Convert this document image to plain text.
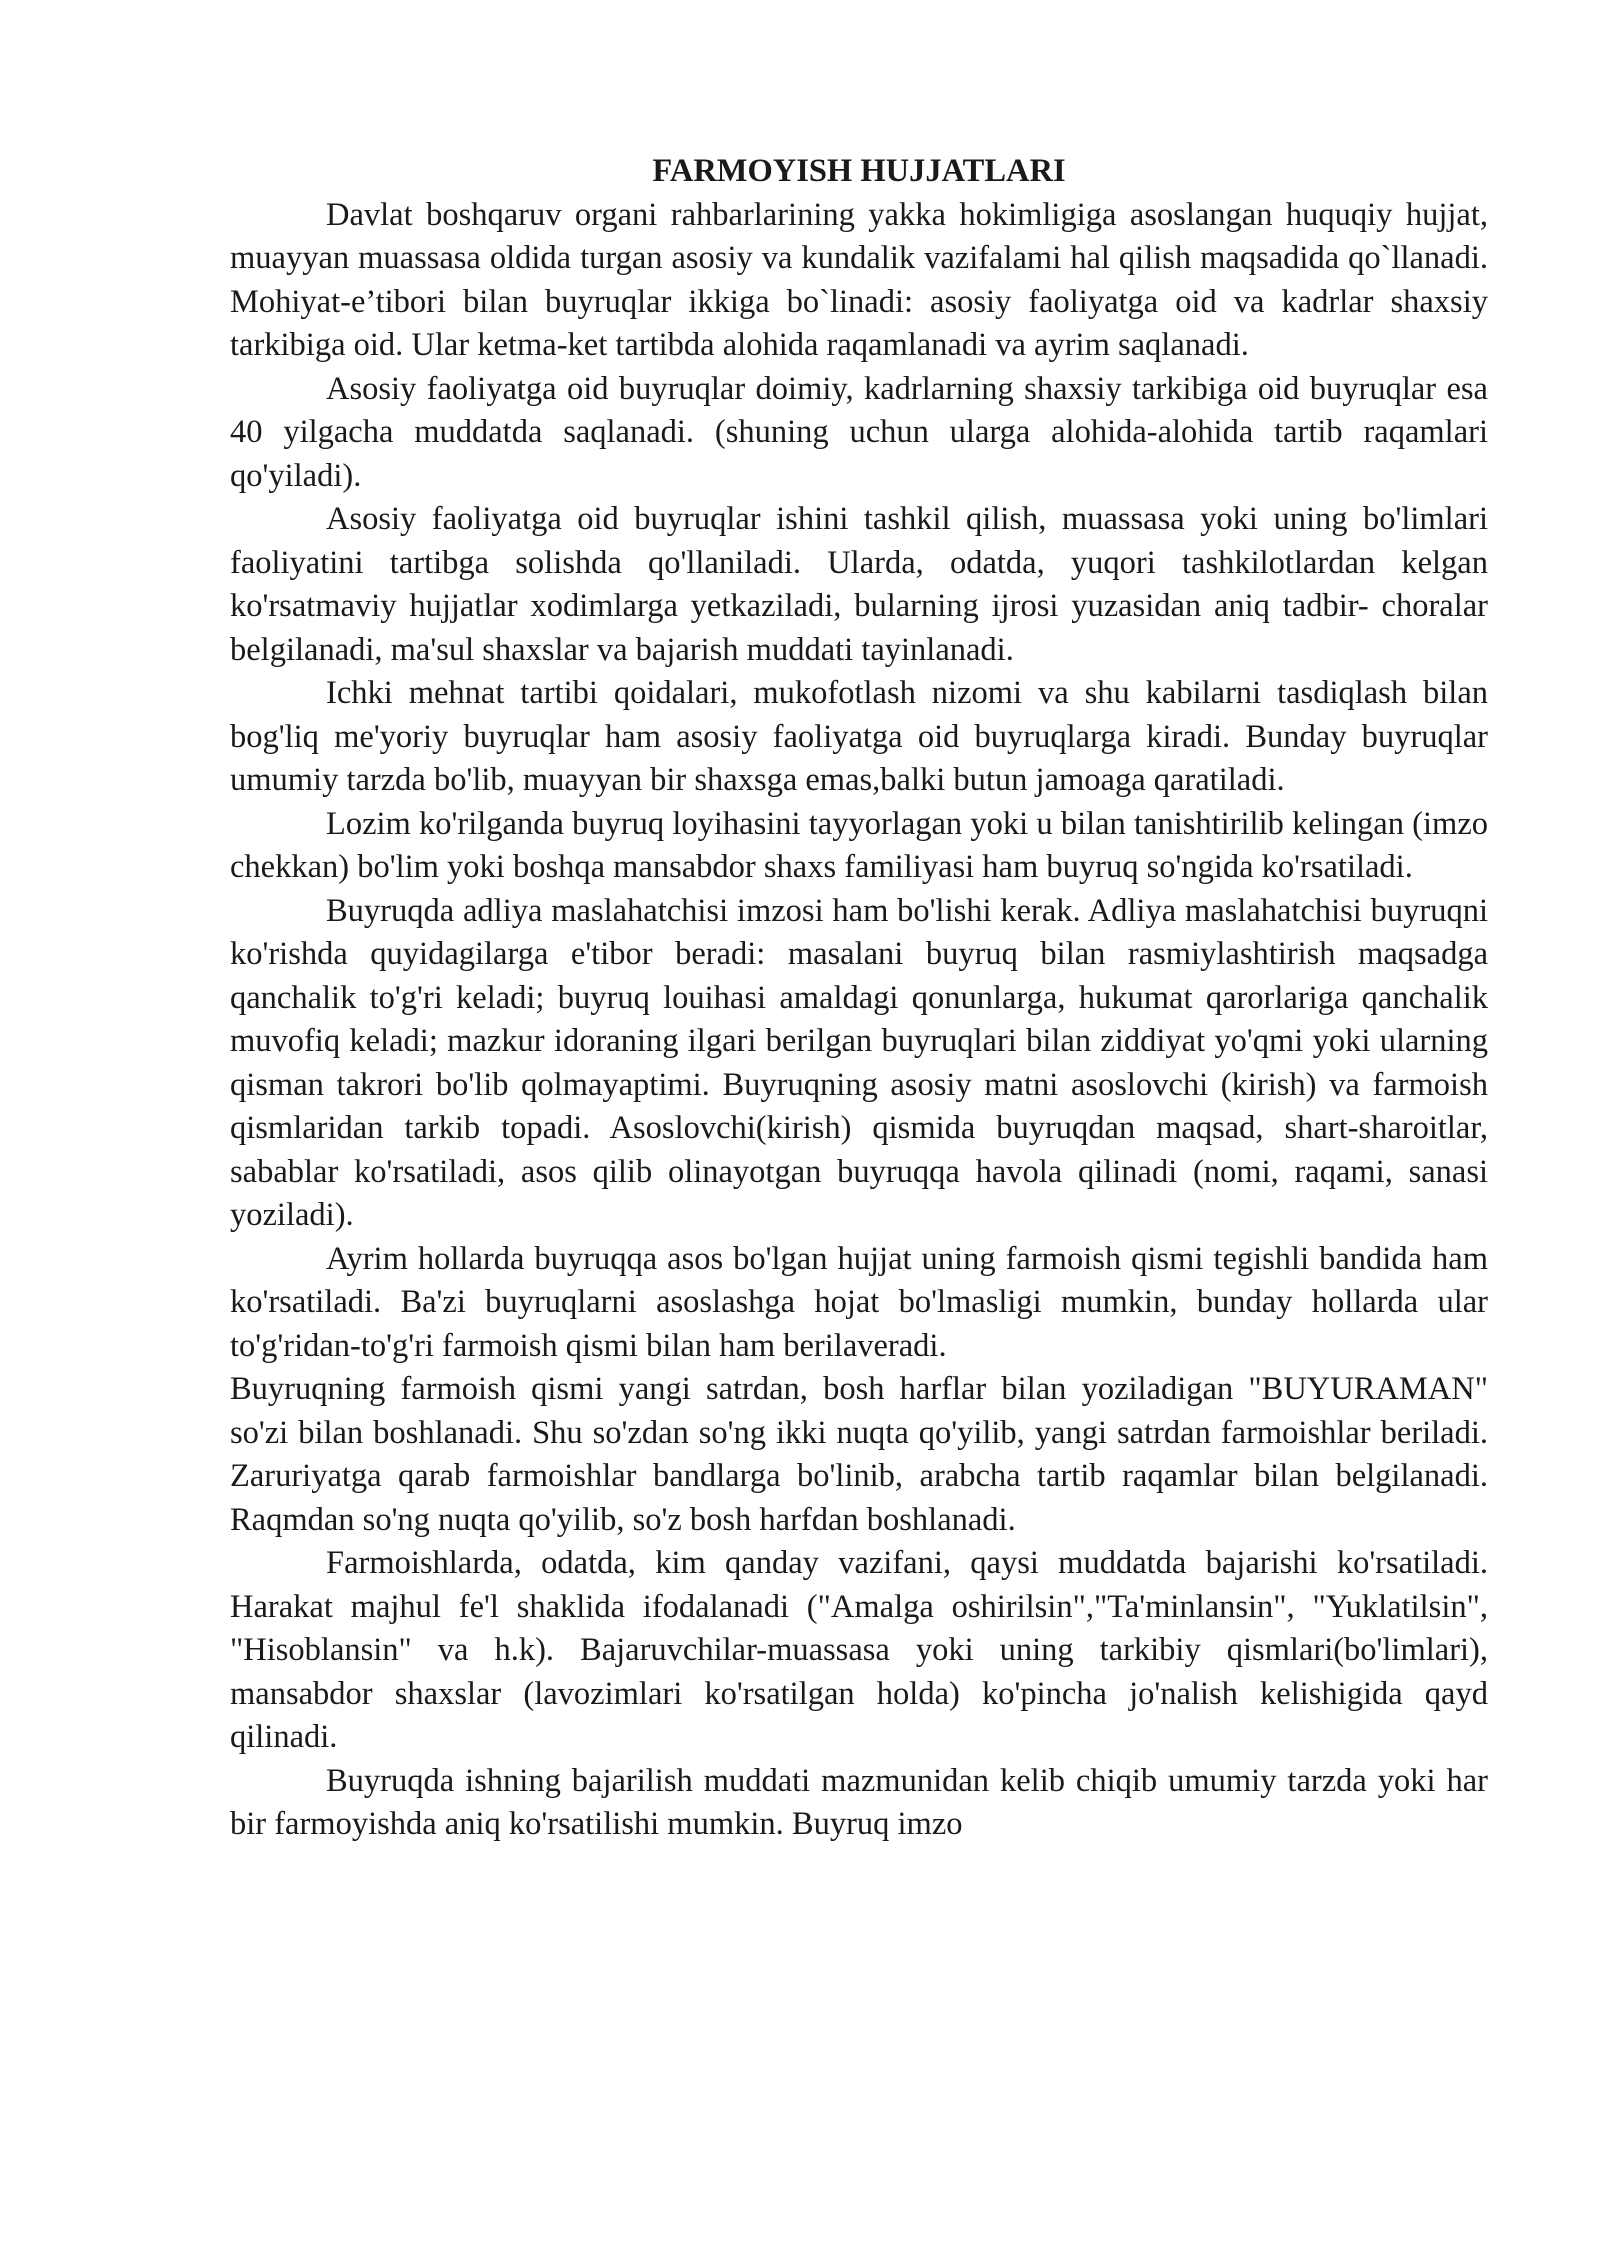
FARMOYISH HUJJATLARI

Davlat boshqaruv organi rahbarlarining yakka hokimligiga asoslangan huquqiy hujjat, muayyan muassasa oldida turgan asosiy va kundalik vazifalami hal qilish maqsadida qo`llanadi. Mohiyat-e’tibori bilan buyruqlar ikkiga bo`linadi: asosiy faoliyatga oid va kadrlar shaxsiy tarkibiga oid. Ular ketma-ket tartibda alohida raqamlanadi va ayrim saqlanadi.

Asosiy faoliyatga oid buyruqlar doimiy, kadrlarning shaxsiy tarkibiga oid buyruqlar esa 40 yilgacha muddatda saqlanadi. (shuning uchun ularga alohida-alohida tartib raqamlari qo'yiladi).

Asosiy faoliyatga oid buyruqlar ishini tashkil qilish, muassasa yoki uning bo'limlari faoliyatini tartibga solishda qo'llaniladi. Ularda, odatda, yuqori tashkilotlardan kelgan ko'rsatmaviy hujjatlar xodimlarga yetkaziladi, bularning ijrosi yuzasidan aniq tadbir- choralar belgilanadi, ma'sul shaxslar va bajarish muddati tayinlanadi.

Ichki mehnat tartibi qoidalari, mukofotlash nizomi va shu kabilarni tasdiqlash bilan bog'liq me'yoriy buyruqlar ham asosiy faoliyatga oid buyruqlarga kiradi. Bunday buyruqlar umumiy tarzda bo'lib, muayyan bir shaxsga emas,balki butun jamoaga qaratiladi.

Lozim ko'rilganda buyruq loyihasini tayyorlagan yoki u bilan tanishtirilib kelingan (imzo chekkan) bo'lim yoki boshqa mansabdor shaxs familiyasi ham buyruq so'ngida ko'rsatiladi.

Buyruqda adliya maslahatchisi imzosi ham bo'lishi kerak. Adliya maslahatchisi buyruqni ko'rishda quyidagilarga e'tibor beradi: masalani buyruq bilan rasmiylashtirish maqsadga qanchalik to'g'ri keladi; buyruq louihasi amaldagi qonunlarga, hukumat qarorlariga qanchalik muvofiq keladi; mazkur idoraning ilgari berilgan buyruqlari bilan ziddiyat yo'qmi yoki ularning qisman takrori bo'lib qolmayaptimi. Buyruqning asosiy matni asoslovchi (kirish) va farmoish qismlaridan tarkib topadi. Asoslovchi(kirish) qismida buyruqdan maqsad, shart-sharoitlar, sabablar ko'rsatiladi, asos qilib olinayotgan buyruqqa havola qilinadi (nomi, raqami, sanasi yoziladi).

Ayrim hollarda buyruqqa asos bo'lgan hujjat uning farmoish qismi tegishli bandida ham ko'rsatiladi. Ba'zi buyruqlarni asoslashga hojat bo'lmasligi mumkin, bunday hollarda ular to'g'ridan-to'g'ri farmoish qismi bilan ham berilaveradi.

Buyruqning farmoish qismi yangi satrdan, bosh harflar bilan yoziladigan "BUYURAMAN" so'zi bilan boshlanadi. Shu so'zdan so'ng ikki nuqta qo'yilib, yangi satrdan farmoishlar beriladi. Zaruriyatga qarab farmoishlar bandlarga bo'linib, arabcha tartib raqamlar bilan belgilanadi. Raqmdan so'ng nuqta qo'yilib, so'z bosh harfdan boshlanadi.

Farmoishlarda, odatda, kim qanday vazifani, qaysi muddatda bajarishi ko'rsatiladi. Harakat majhul fe'l shaklida ifodalanadi ("Amalga oshirilsin","Ta'minlansin", "Yuklatilsin", "Hisoblansin" va h.k). Bajaruvchilar-muassasa yoki uning tarkibiy qismlari(bo'limlari), mansabdor shaxslar (lavozimlari ko'rsatilgan holda) ko'pincha jo'nalish kelishigida qayd qilinadi.

Buyruqda ishning bajarilish muddati mazmunidan kelib chiqib umumiy tarzda yoki har bir farmoyishda aniq ko'rsatilishi mumkin. Buyruq imzo
